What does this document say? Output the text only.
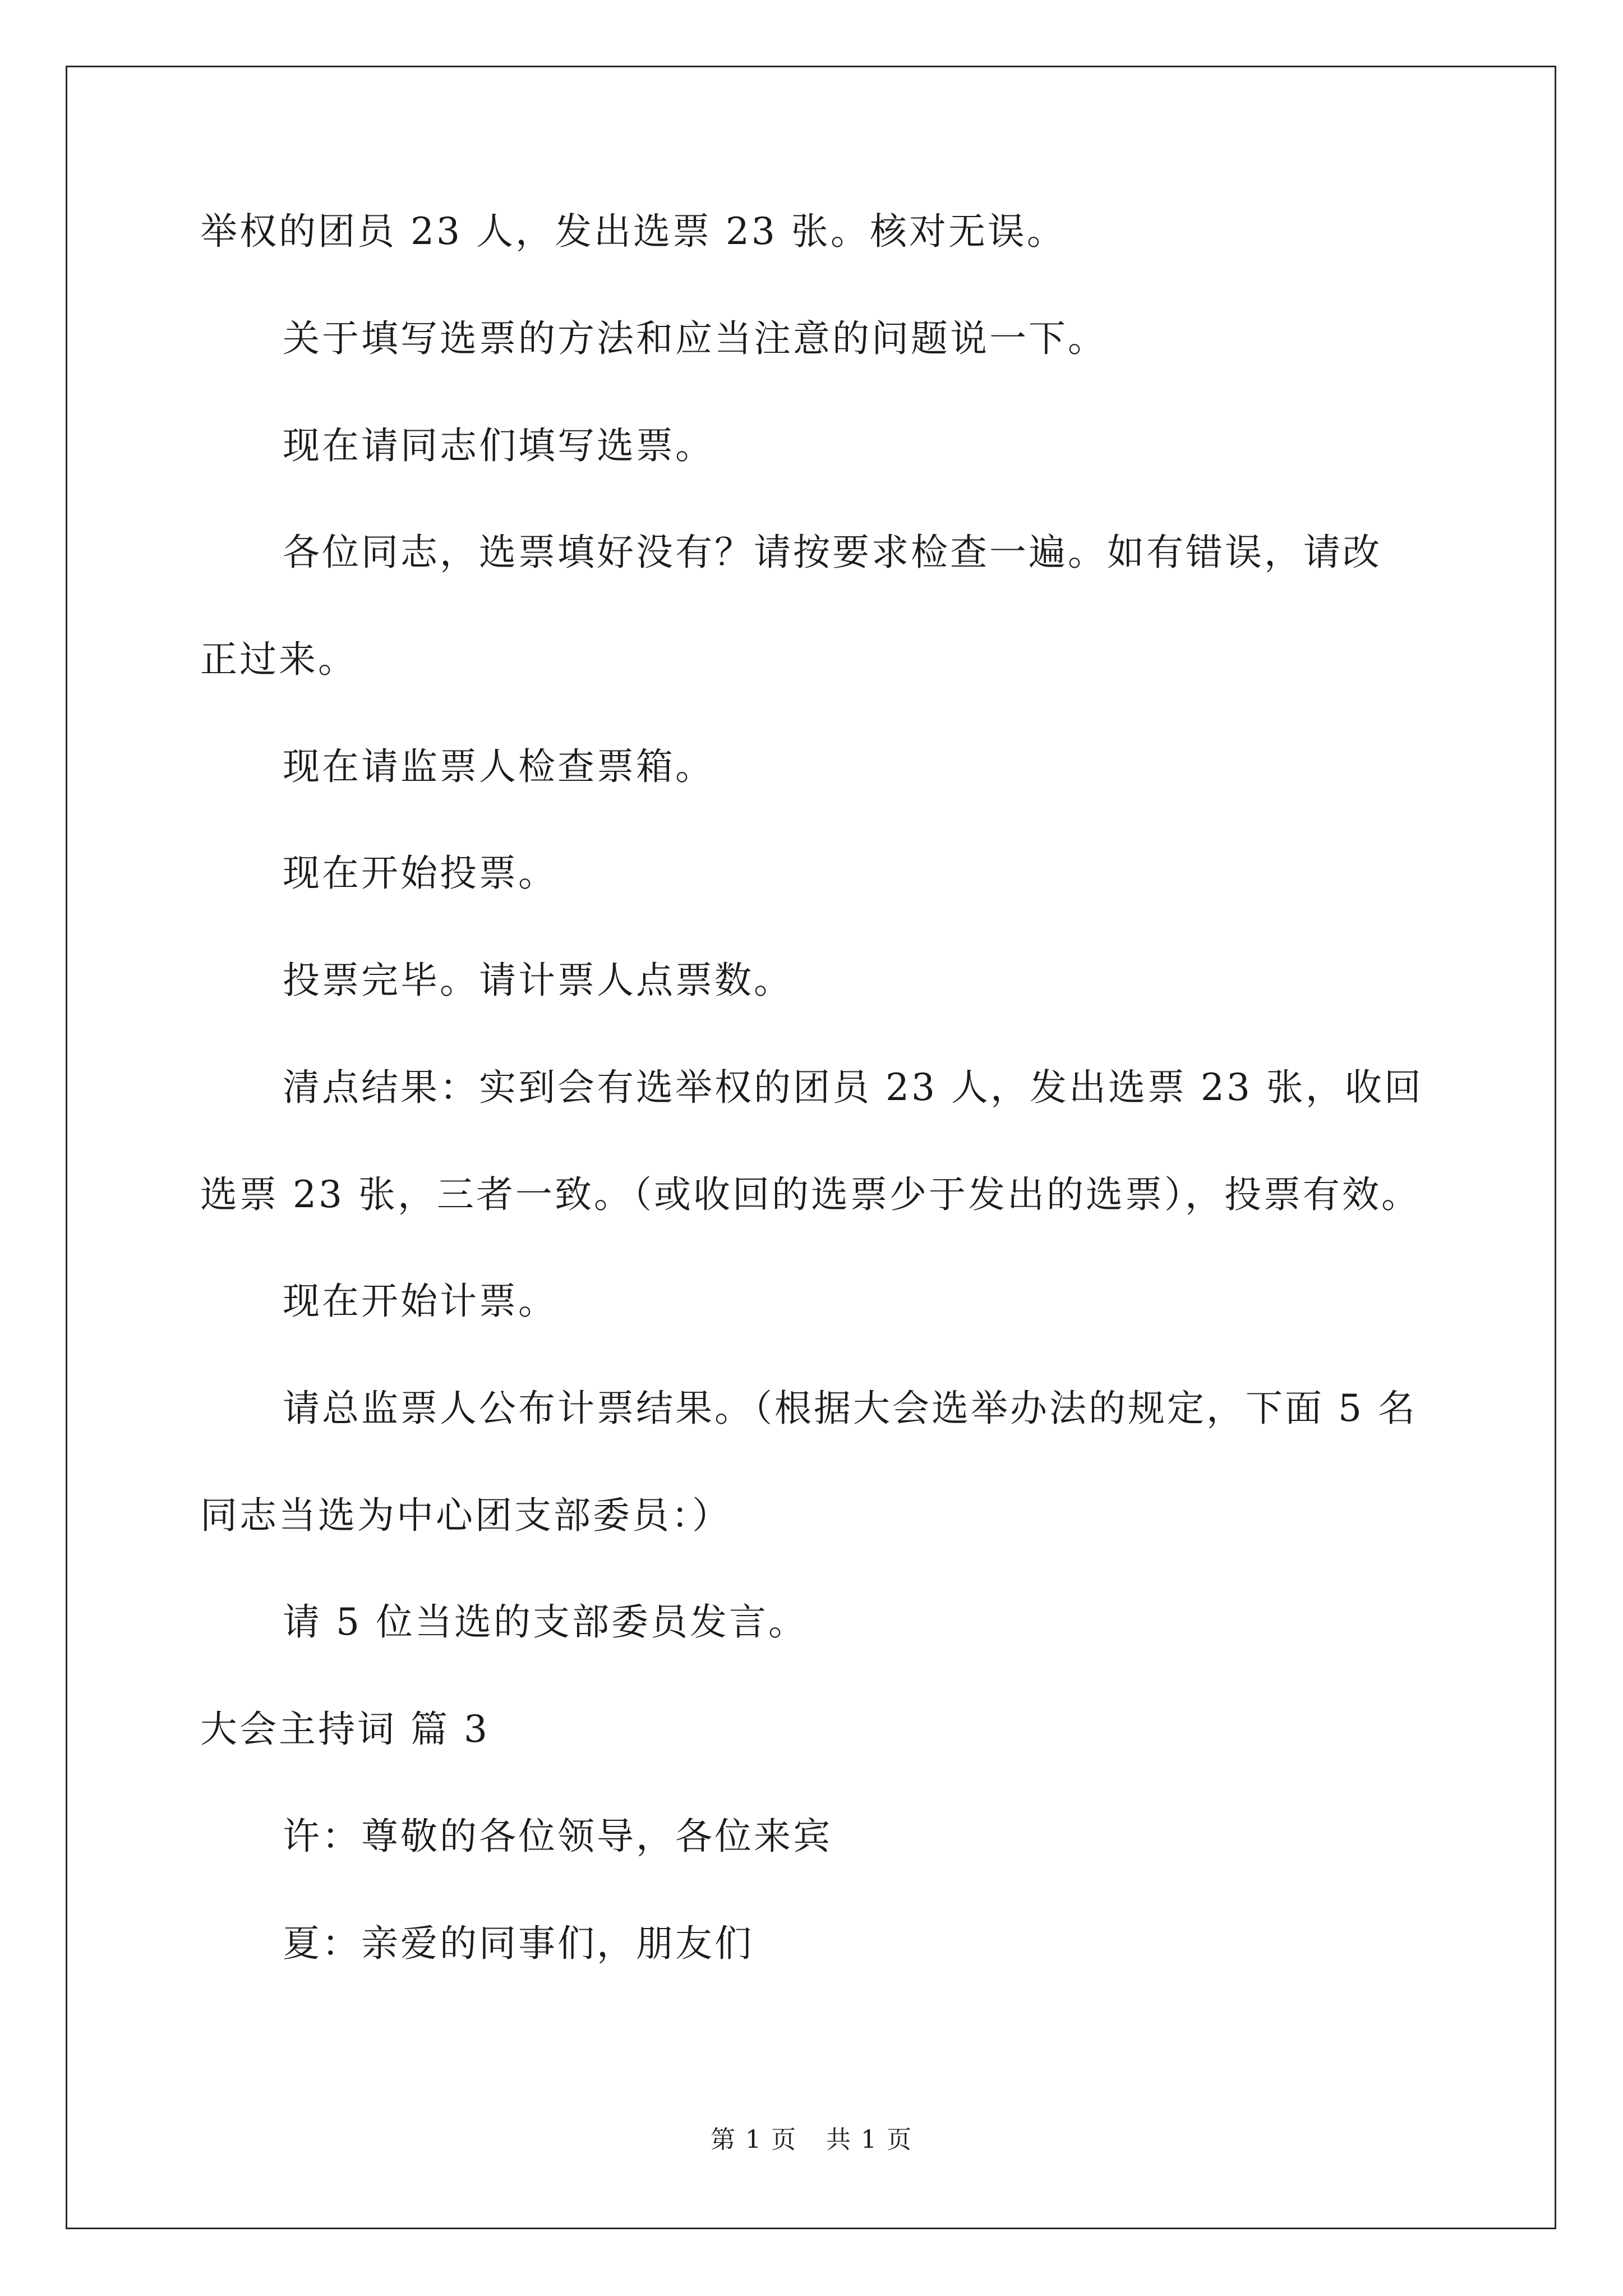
举权的团员 23 人，发出选票 23 张。核对无误。
关于填写选票的方法和应当注意的问题说一下。
现在请同志们填写选票。
各位同志，选票填好没有？请按要求检查一遍。如有错误，请改
正过来。
现在请监票人检查票箱。
现在开始投票。
投票完毕。请计票人点票数。
清点结果：实到会有选举权的团员 23 人，发出选票 23 张，收回
选票 23 张，三者一致。（或收回的选票少于发出的选票），投票有效。
现在开始计票。
请总监票人公布计票结果。（根据大会选举办法的规定，下面 5 名
同志当选为中心团支部委员：）
请 5 位当选的支部委员发言。
大会主持词 篇 3
许：尊敬的各位领导，各位来宾
夏：亲爱的同事们，朋友们
第 1 页 共 1 页
